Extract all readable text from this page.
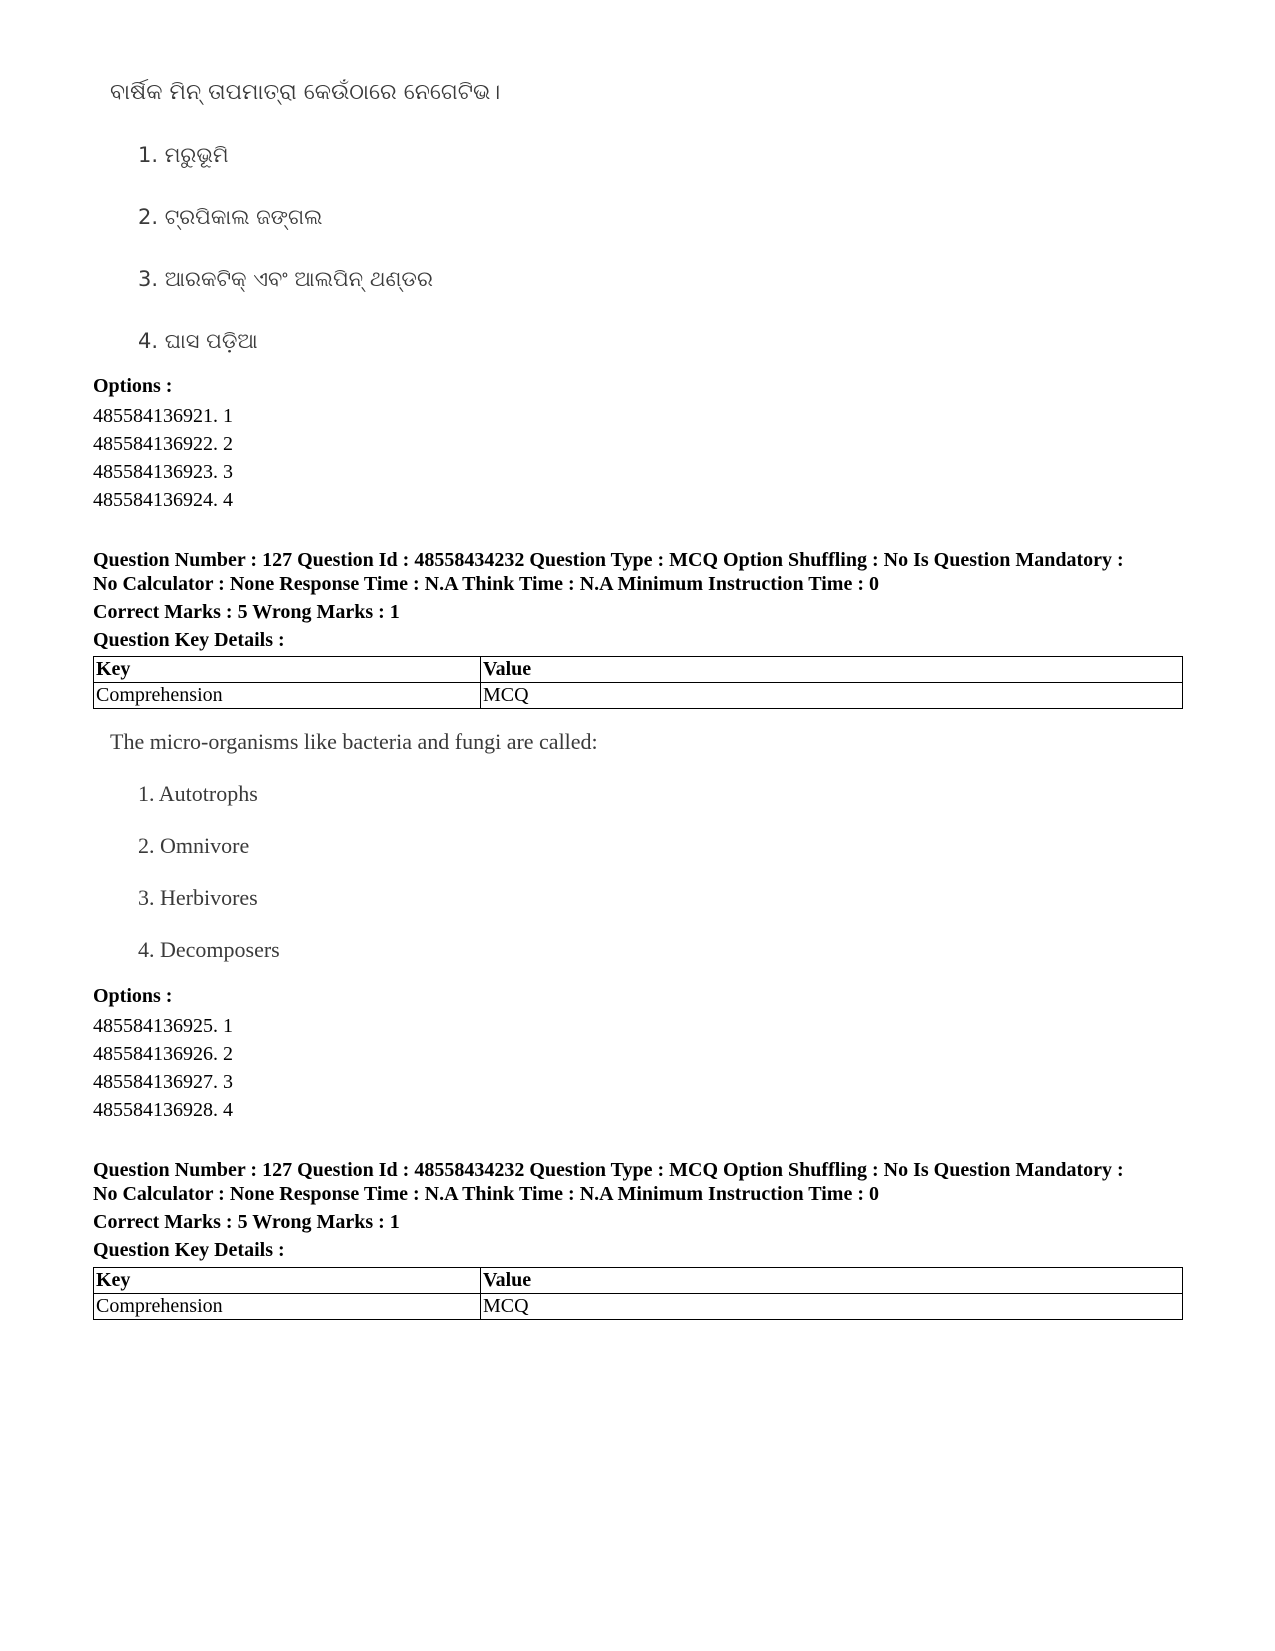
ବାର୍ଷିକ ମିନ୍ ତାପମାତ୍ରା କେଉଁଠାରେ ନେଗେଟିଭ।
1. ମରୁଭୂମି
2. ଟ୍ରପିକାଲ ଜଙ୍ଗଲ
3. ଆରକଟିକ୍ ଏବଂ ଆଲପିନ୍ ଥଣ୍ଡର
4. ଘାସ ପଡ଼ିଆ
Options :
485584136921. 1
485584136922. 2
485584136923. 3
485584136924. 4
Question Number : 127 Question Id : 48558434232 Question Type : MCQ Option Shuffling : No Is Question Mandatory :
No Calculator : None Response Time : N.A Think Time : N.A Minimum Instruction Time : 0
Correct Marks : 5 Wrong Marks : 1
Question Key Details :
Key	Value
Comprehension	MCQ
The micro-organisms like bacteria and fungi are called:
1. Autotrophs
2. Omnivore
3. Herbivores
4. Decomposers
Options :
485584136925. 1
485584136926. 2
485584136927. 3
485584136928. 4
Question Number : 127 Question Id : 48558434232 Question Type : MCQ Option Shuffling : No Is Question Mandatory :
No Calculator : None Response Time : N.A Think Time : N.A Minimum Instruction Time : 0
Correct Marks : 5 Wrong Marks : 1
Question Key Details :
Key	Value
Comprehension	MCQ
